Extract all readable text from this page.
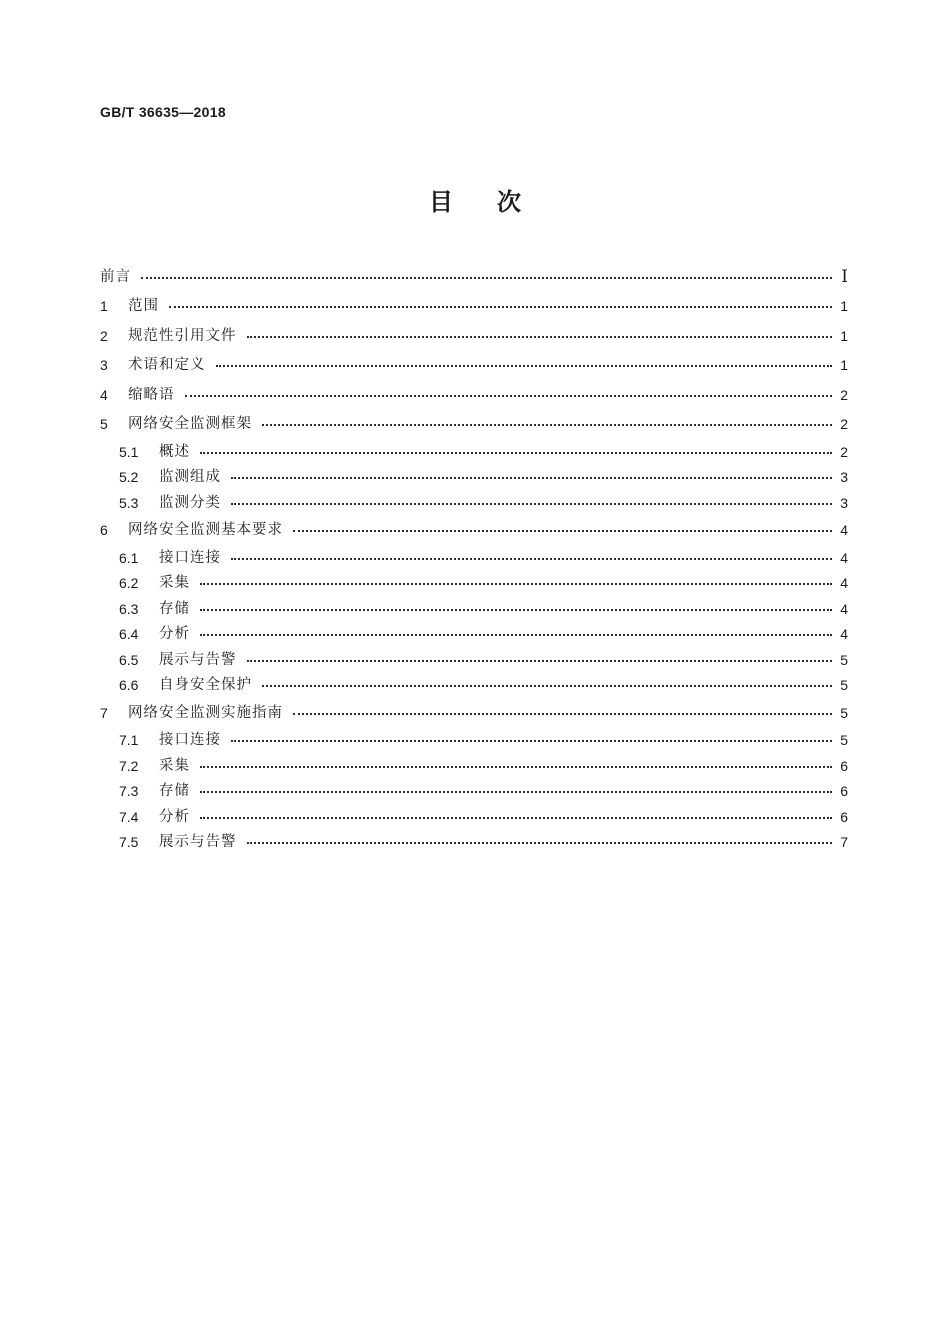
GB/T 36635—2018
目次
前言	Ⅰ
1	范围	1
2	规范性引用文件	1
3	术语和定义	1
4	缩略语	2
5	网络安全监测框架	2
5.1	概述	2
5.2	监测组成	3
5.3	监测分类	3
6	网络安全监测基本要求	4
6.1	接口连接	4
6.2	采集	4
6.3	存储	4
6.4	分析	4
6.5	展示与告警	5
6.6	自身安全保护	5
7	网络安全监测实施指南	5
7.1	接口连接	5
7.2	采集	6
7.3	存储	6
7.4	分析	6
7.5	展示与告警	7
